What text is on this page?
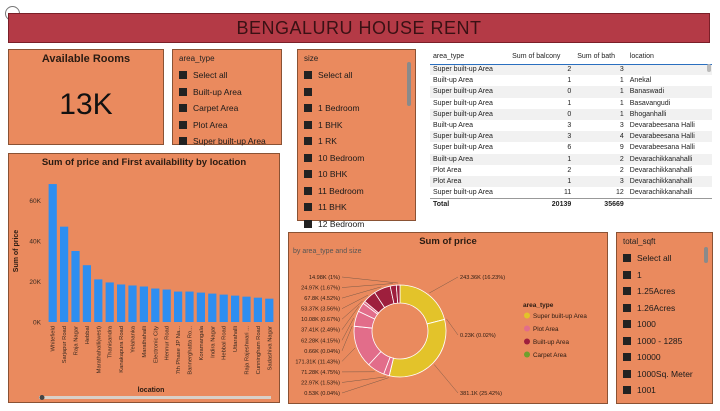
BENGALURU HOUSE RENT
Available Rooms
13K
area_type
Select all
Built-up Area
Carpet Area
Plot Area
Super built-up Area
size
Select all
1 Bedroom
1 BHK
1 RK
10 Bedroom
10 BHK
11 Bedroom
11 BHK
12 Bedroom
area_type	Sum of balcony	Sum of bath	location
Super built-up Area	2	3	
Built-up Area	1	1	Anekal
Super built-up Area	0	1	Banaswadi
Super built-up Area	1	1	Basavangudi
Super built-up Area	0	1	Bhoganhalli
Built-up Area	3	3	Devarabeesana Halli
Super built-up Area	3	4	Devarabeesana Halli
Super built-up Area	6	9	Devarabeesana Halli
Built-up Area	1	2	Devarachikkanahalli
Plot Area	2	2	Devarachikkanahalli
Plot Area	1	3	Devarachikkanahalli
Super built-up Area	11	12	Devarachikkanahalli
Total	20139	35669	
Sum of price and First availability by location
0K
20K
40K
60K
Sum of price
Whitefield Sarjapur Road Raja Nagar Hebbal Marathahalli(west) Thanisandra Kanakapura Road Yelahanka Marathahalli Electronic City Hennur Road 7th Phase JP Na... Bannerghatta Ro... Koramangala Indira Nagar Hebbal Road Uttarahalli Raja Rajeshwari ... Cunningham Road Sadashiva Nagar
location
Sum of price
by area_type and size
243.36K (16.23%)
0.23K (0.02%)
381.1K (25.42%)
14.98K (1%)
24.97K (1.67%)
67.8K (4.52%)
53.37K (3.56%)
10.08K (0.67%)
37.41K (2.49%)
62.28K (4.15%)
0.66K (0.04%)
171.31K (11.43%)
71.28K (4.75%)
22.97K (1.53%)
0.53K (0.04%)
area_type
Super built-up Area
Plot Area
Built-up Area
Carpet Area
total_sqft
Select all
1
1.25Acres
1.26Acres
1000
1000 - 1285
10000
1000Sq. Meter
1001
